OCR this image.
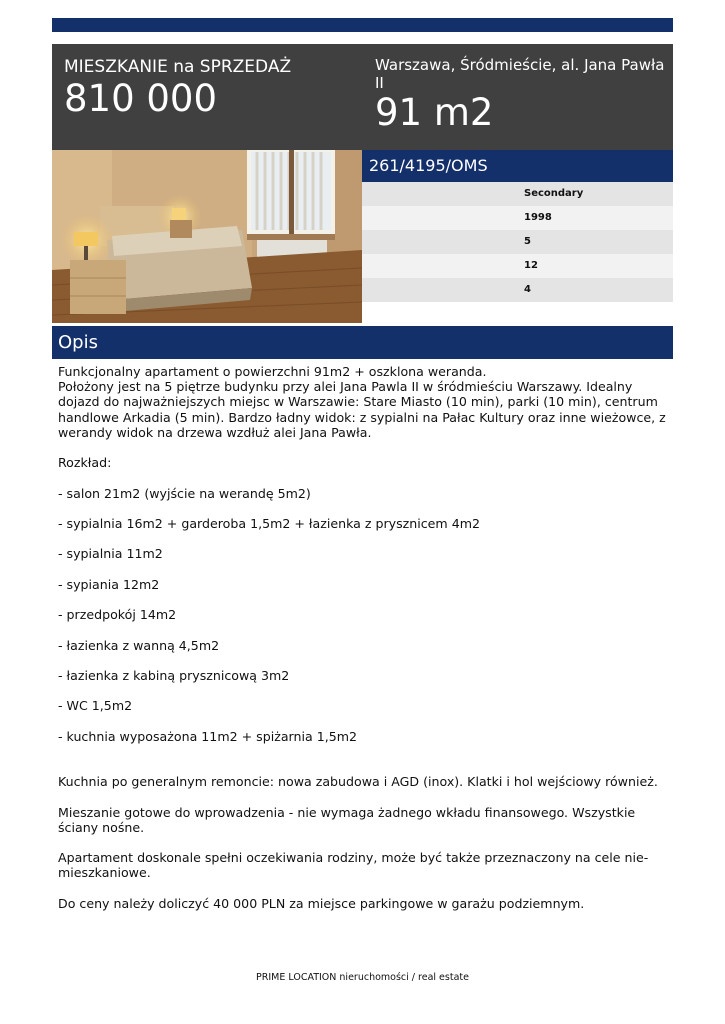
MIESZKANIE na SPRZEDAŻ
810 000
Warszawa, Śródmieście, al. Jana Pawła II
91 m2
261/4195/OMS
Secondary
1998
5
12
4
Opis

Funkcjonalny apartament o powierzchni 91m2 + oszklona weranda.

Położony jest na 5 piętrze budynku przy alei Jana Pawla II w śródmieściu Warszawy. Idealny dojazd do najważniejszych miejsc w Warszawie: Stare Miasto (10 min), parki (10 min), centrum handlowe Arkadia (5 min). Bardzo ładny widok: z sypialni na Pałac Kultury oraz inne wieżowce, z werandy widok na drzewa wzdłuż alei Jana Pawła.

Rozkład:

- salon 21m2 (wyjście na werandę 5m2)

- sypialnia 16m2 + garderoba 1,5m2 + łazienka z prysznicem 4m2

- sypialnia 11m2

- sypiania 12m2

- przedpokój 14m2

- łazienka z wanną 4,5m2

- łazienka z kabiną prysznicową 3m2

- WC 1,5m2

- kuchnia wyposażona 11m2 + spiżarnia 1,5m2

Kuchnia po generalnym remoncie: nowa zabudowa i AGD (inox). Klatki i hol wejściowy również.

Mieszanie gotowe do wprowadzenia - nie wymaga żadnego wkładu finansowego. Wszystkie ściany nośne.

Apartament doskonale spełni oczekiwania rodziny, może być także przeznaczony na cele nie-mieszkaniowe.

Do ceny należy doliczyć 40 000 PLN za miejsce parkingowe w garażu podziemnym.

PRIME LOCATION nieruchomości / real estate
